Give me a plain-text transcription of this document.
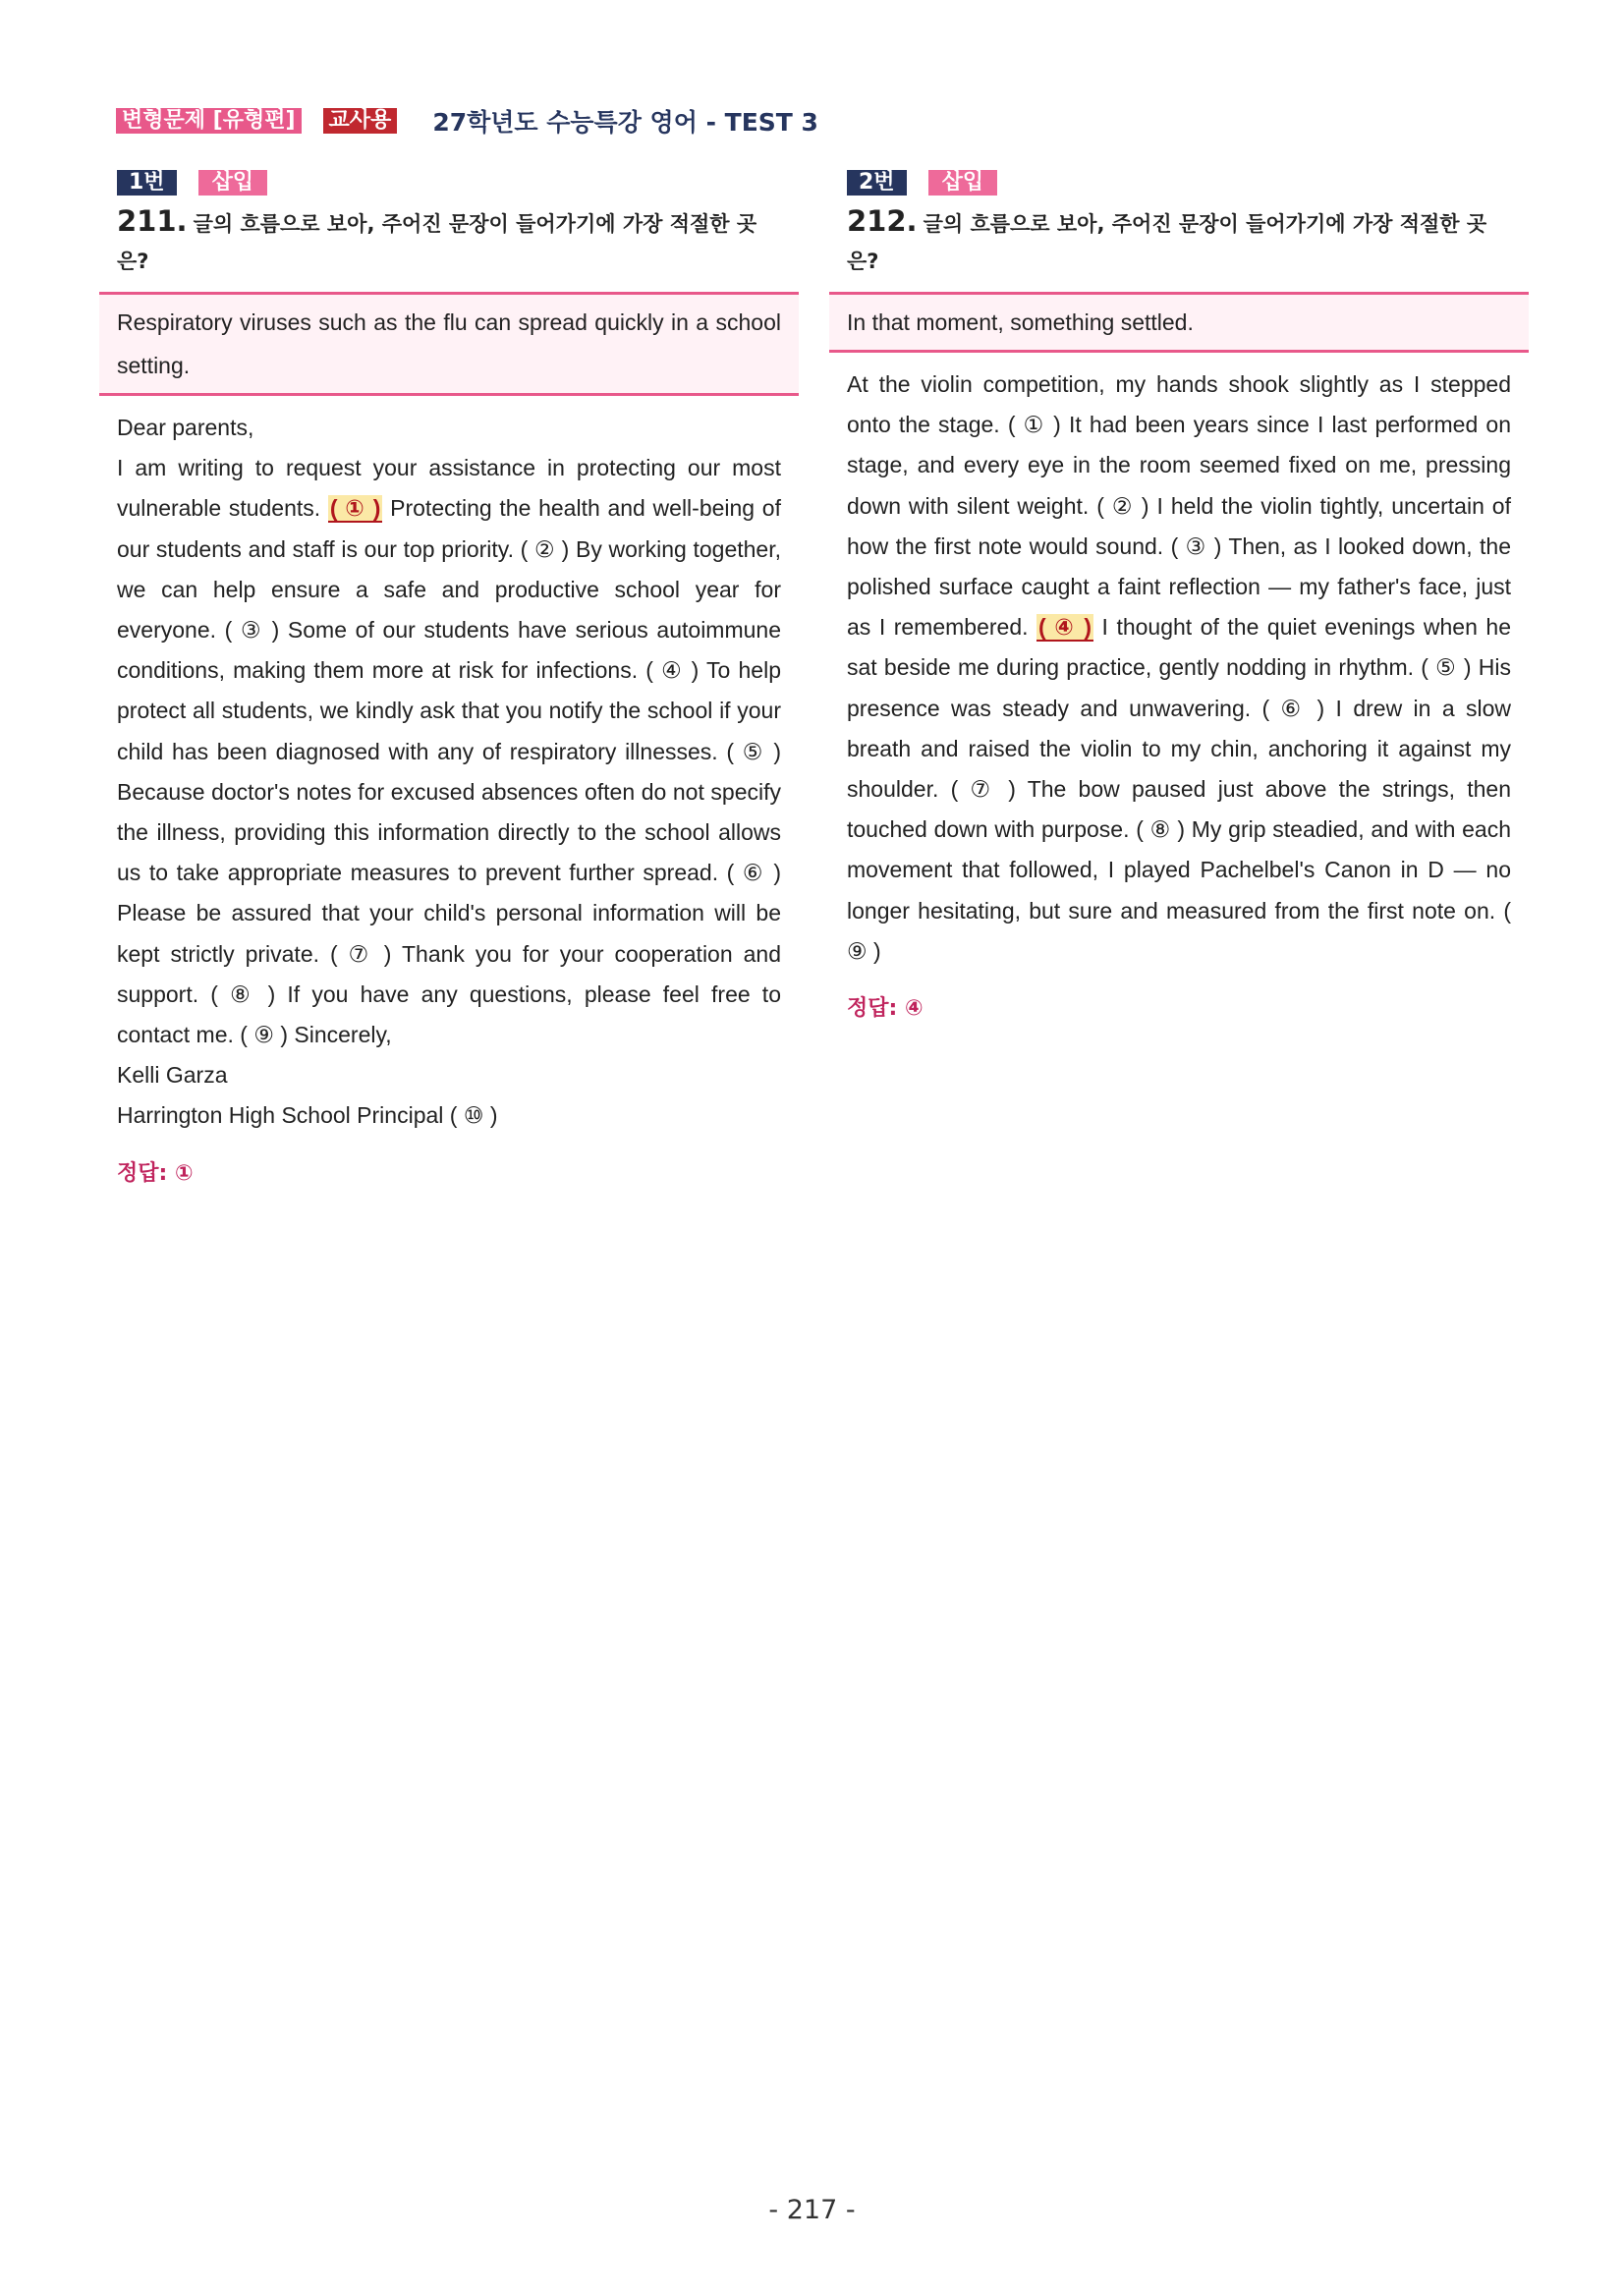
변형문제 [유형편] 교사용 27학년도 수능특강 영어 - TEST 3
1번	삽입
211. 글의 흐름으로 보아, 주어진 문장이 들어가기에 가장 적절한 곳은?
Respiratory viruses such as the flu can spread quickly in a school setting.
Dear parents,
I am writing to request your assistance in protecting our most vulnerable students. ( ① ) Protecting the health and well-being of our students and staff is our top priority. ( ② ) By working together, we can help ensure a safe and productive school year for everyone. ( ③ ) Some of our students have serious autoimmune conditions, making them more at risk for infections. ( ④ ) To help protect all students, we kindly ask that you notify the school if your child has been diagnosed with any of respiratory illnesses. ( ⑤ ) Because doctor's notes for excused absences often do not specify the illness, providing this information directly to the school allows us to take appropriate measures to prevent further spread. ( ⑥ ) Please be assured that your child's personal information will be kept strictly private. ( ⑦ ) Thank you for your cooperation and support. ( ⑧ ) If you have any questions, please feel free to contact me. ( ⑨ ) Sincerely,
Kelli Garza
Harrington High School Principal ( ⑩ )
정답: ①
2번	삽입
212. 글의 흐름으로 보아, 주어진 문장이 들어가기에 가장 적절한 곳은?
In that moment, something settled.
At the violin competition, my hands shook slightly as I stepped onto the stage. ( ① ) It had been years since I last performed on stage, and every eye in the room seemed fixed on me, pressing down with silent weight. ( ② ) I held the violin tightly, uncertain of how the first note would sound. ( ③ ) Then, as I looked down, the polished surface caught a faint reflection — my father's face, just as I remembered. ( ④ ) I thought of the quiet evenings when he sat beside me during practice, gently nodding in rhythm. ( ⑤ ) His presence was steady and unwavering. ( ⑥ ) I drew in a slow breath and raised the violin to my chin, anchoring it against my shoulder. ( ⑦ ) The bow paused just above the strings, then touched down with purpose. ( ⑧ ) My grip steadied, and with each movement that followed, I played Pachelbel's Canon in D — no longer hesitating, but sure and measured from the first note on. ( ⑨ )
정답: ④
- 217 -
